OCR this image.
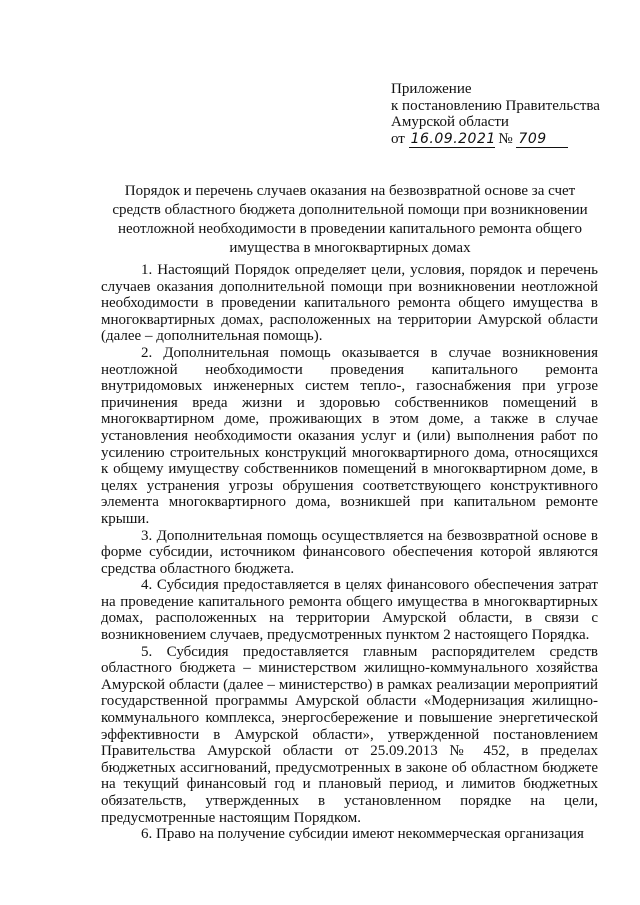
Приложение
к постановлению Правительства
Амурской области
от 16.09.2021 № 709
Порядок и перечень случаев оказания на безвозвратной основе за счет средств областного бюджета дополнительной помощи при возникновении неотложной необходимости в проведении капитального ремонта общего имущества в многоквартирных домах

1. Настоящий Порядок определяет цели, условия, порядок и перечень случаев оказания дополнительной помощи при возникновении неотложной необходимости в проведении капитального ремонта общего имущества в многоквартирных домах, расположенных на территории Амурской области (далее – дополнительная помощь).

2. Дополнительная помощь оказывается в случае возникновения неотложной необходимости проведения капитального ремонта внутридомовых инженерных систем тепло-, газоснабжения при угрозе причинения вреда жизни и здоровью собственников помещений в многоквартирном доме, проживающих в этом доме, а также в случае установления необходимости оказания услуг и (или) выполнения работ по усилению строительных конструкций многоквартирного дома, относящихся к общему имуществу собственников помещений в многоквартирном доме, в целях устранения угрозы обрушения соответствующего конструктивного элемента многоквартирного дома, возникшей при капитальном ремонте крыши.

3. Дополнительная помощь осуществляется на безвозвратной основе в форме субсидии, источником финансового обеспечения которой являются средства областного бюджета.

4. Субсидия предоставляется в целях финансового обеспечения затрат на проведение капитального ремонта общего имущества в многоквартирных домах, расположенных на территории Амурской области, в связи с возникновением случаев, предусмотренных пунктом 2 настоящего Порядка.

5. Субсидия предоставляется главным распорядителем средств областного бюджета – министерством жилищно-коммунального хозяйства Амурской области (далее – министерство) в рамках реализации мероприятий государственной программы Амурской области «Модернизация жилищно-коммунального комплекса, энергосбережение и повышение энергетической эффективности в Амурской области», утвержденной постановлением Правительства Амурской области от 25.09.2013 № 452, в пределах бюджетных ассигнований, предусмотренных в законе об областном бюджете на текущий финансовый год и плановый период, и лимитов бюджетных обязательств, утвержденных в установленном порядке на цели, предусмотренные настоящим Порядком.

6. Право на получение субсидии имеют некоммерческая организация
